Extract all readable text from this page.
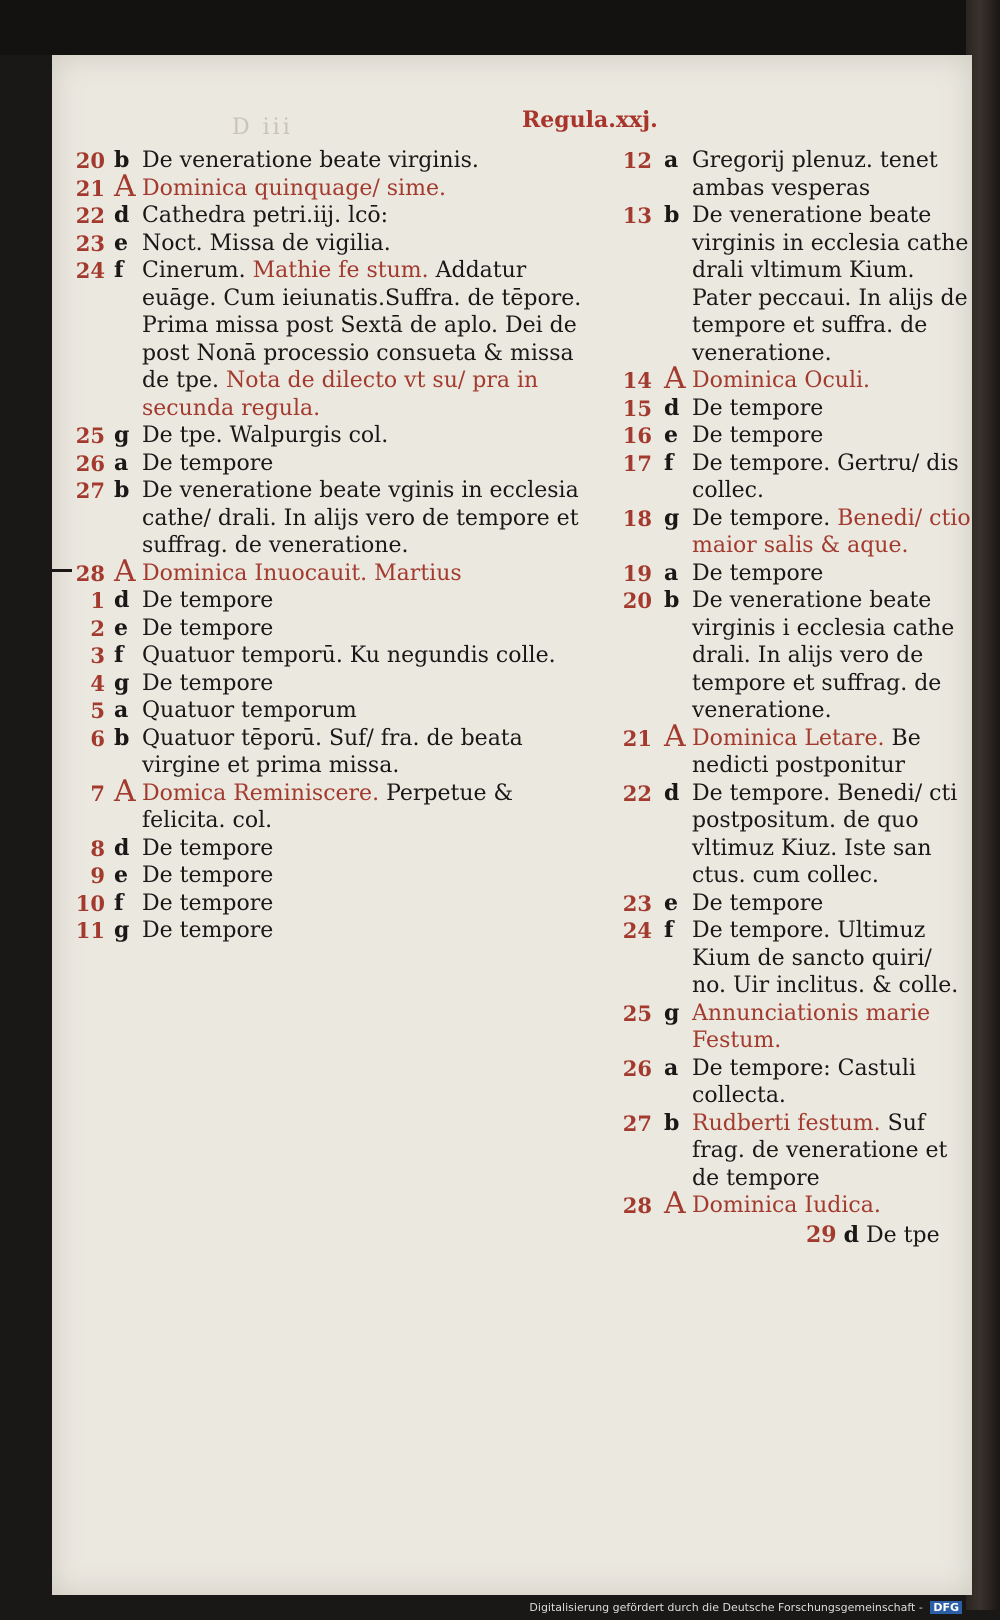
D iii	Regula.xxj.
20 b De veneratione beate virginis.
21 A Dominica quinquage/ sime.
22 d Cathedra petri.iij. lcō:
23 e Noct. Missa de vigilia.
24 f Cinerum. Mathie fe stum. Addatur euāge. Cum ieiunatis.Suffra. de tēpore. Prima missa post Sextā de aplo. Dei de post Nonā processio consueta & missa de tpe. Nota de dilecto vt su/ pra in secunda regula.
25 g De tpe. Walpurgis col.
26 a De tempore
27 b De veneratione beate vginis in ecclesia cathe/ drali. In alijs vero de tempore et suffrag. de veneratione.
28 A Dominica Inuocauit. Martius
1 d De tempore
2 e De tempore
3 f Quatuor temporū. Ku negundis colle.
4 g De tempore
5 a Quatuor temporum
6 b Quatuor tēporū. Suf/ fra. de beata virgine et prima missa.
7 A Domica Reminiscere. Perpetue & felicita. col.
8 d De tempore
9 e De tempore
10 f De tempore
11 g De tempore
12 a Gregorij plenuz. tenet ambas vesperas
13 b De veneratione beate virginis in ecclesia cathe drali vltimum Kium. Pater peccaui. In alijs de tempore et suffra. de veneratione.
14 A Dominica Oculi.
15 d De tempore
16 e De tempore
17 f De tempore. Gertru/ dis collec.
18 g De tempore. Benedi/ ctio maior salis & aque.
19 a De tempore
20 b De veneratione beate virginis i ecclesia cathe drali. In alijs vero de tempore et suffrag. de veneratione.
21 A Dominica Letare. Be nedicti postponitur
22 d De tempore. Benedi/ cti postpositum. de quo vltimuz Kiuz. Iste san ctus. cum collec.
23 e De tempore
24 f De tempore. Ultimuz Kium de sancto quiri/ no. Uir inclitus. & colle.
25 g Annunciationis marie Festum.
26 a De tempore: Castuli collecta.
27 b Rudberti festum. Suf frag. de veneratione et de tempore
28 A Dominica Iudica.
29 d De tpe
Digitalisierung gefördert durch die Deutsche Forschungsgemeinschaft - DFG
